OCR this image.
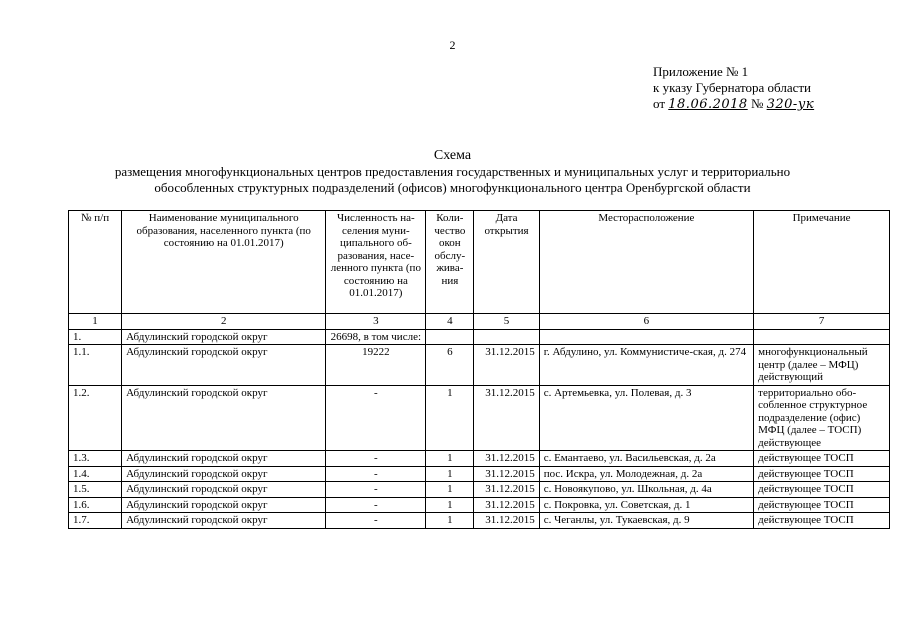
2
Приложение № 1
к указу Губернатора области
от 18.06.2018 № 320-ук
Схема
размещения многофункциональных центров предоставления государственных и муниципальных услуг и территориально
обособленных структурных подразделений (офисов) многофункционального центра Оренбургской области
№ п/п	Наименование муниципального образования, населенного пункта (по состоянию на 01.01.2017)	Численность на-селения муни-ципального об-разования, насе-ленного пункта (по состоянию на 01.01.2017)	Коли-чество окон обслу-жива-ния	Дата открытия	Месторасположение	Примечание
1	2	3	4	5	6	7
1.	Абдулинский городской округ	26698, в том числе:				
1.1.	Абдулинский городской округ	19222	6	31.12.2015	г. Абдулино, ул. Коммунистиче-ская, д. 274	многофункциональный центр (далее – МФЦ) действующий
1.2.	Абдулинский городской округ	-	1	31.12.2015	с. Артемьевка, ул. Полевая, д. 3	территориально обо-собленное структурное подразделение (офис) МФЦ (далее – ТОСП) действующее
1.3.	Абдулинский городской округ	-	1	31.12.2015	с. Емантаево, ул. Васильевская, д. 2а	действующее ТОСП
1.4.	Абдулинский городской округ	-	1	31.12.2015	пос. Искра, ул. Молодежная, д. 2а	действующее ТОСП
1.5.	Абдулинский городской округ	-	1	31.12.2015	с. Новоякупово, ул. Школьная, д. 4а	действующее ТОСП
1.6.	Абдулинский городской округ	-	1	31.12.2015	с. Покровка, ул. Советская, д. 1	действующее ТОСП
1.7.	Абдулинский городской округ	-	1	31.12.2015	с. Чеганлы, ул. Тукаевская, д. 9	действующее ТОСП
